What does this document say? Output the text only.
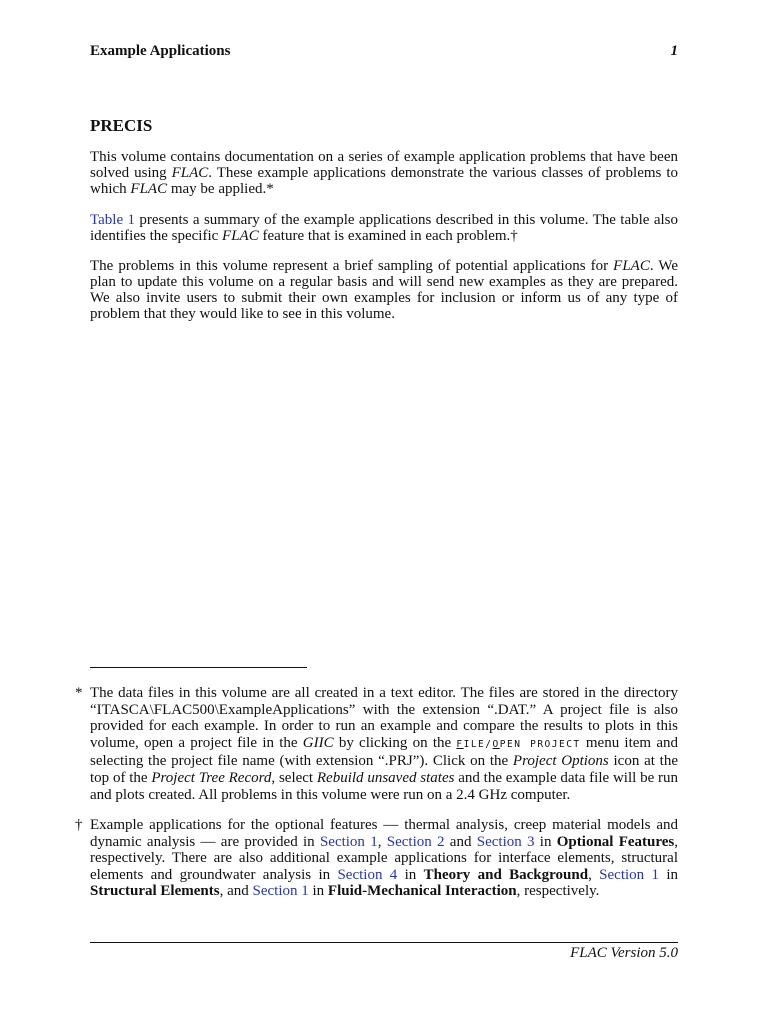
Example Applications	1
PRECIS
This volume contains documentation on a series of example application problems that have been solved using FLAC. These example applications demonstrate the various classes of problems to which FLAC may be applied.*
Table 1 presents a summary of the example applications described in this volume. The table also identifies the specific FLAC feature that is examined in each problem.†
The problems in this volume represent a brief sampling of potential applications for FLAC. We plan to update this volume on a regular basis and will send new examples as they are prepared. We also invite users to submit their own examples for inclusion or inform us of any type of problem that they would like to see in this volume.
* The data files in this volume are all created in a text editor. The files are stored in the directory “ITASCA\FLAC500\ExampleApplications” with the extension “.DAT.” A project file is also provided for each example. In order to run an example and compare the results to plots in this volume, open a project file in the GIIC by clicking on the FILE/OPEN PROJECT menu item and selecting the project file name (with extension “.PRJ”). Click on the Project Options icon at the top of the Project Tree Record, select Rebuild unsaved states and the example data file will be run and plots created. All problems in this volume were run on a 2.4 GHz computer.
† Example applications for the optional features — thermal analysis, creep material models and dynamic analysis — are provided in Section 1, Section 2 and Section 3 in Optional Features, respectively. There are also additional example applications for interface elements, structural elements and groundwater analysis in Section 4 in Theory and Background, Section 1 in Structural Elements, and Section 1 in Fluid-Mechanical Interaction, respectively.
FLAC Version 5.0
